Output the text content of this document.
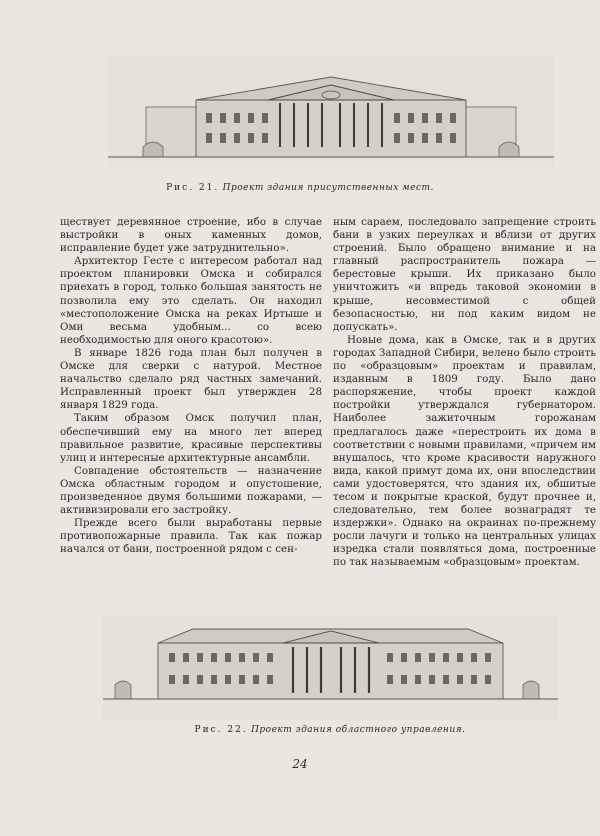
Рис. 21. Проект здания присутственных мест.

ществует деревянное строение, ибо в случае выстройки в оных каменных домов, исправление будет уже затруднительно».

Архитектор Гесте с интересом работал над проектом планировки Омска и собирался приехать в город, только большая занятость не позволила ему это сделать. Он находил «местоположение Омска на реках Иртыше и Оми весьма удобным... со всею необходимостью для оного красотою».

В январе 1826 года план был получен в Омске для сверки с натурой. Местное начальство сделало ряд частных замечаний. Исправленный проект был утвержден 28 января 1829 года.

Таким образом Омск получил план, обеспечивший ему на много лет вперед правильное развитие, красивые перспективы улиц и интересные архитектурные ансамбли.

Совпадение обстоятельств — назначение Омска областным городом и опустошение, произведенное двумя большими пожарами, — активизировали его застройку.

Прежде всего были выработаны первые противопожарные правила. Так как пожар начался от бани, построенной рядом с сен-

ным сараем, последовало запрещение строить бани в узких переулках и вблизи от других строений. Было обращено внимание и на главный распространитель пожара — берестовые крыши. Их приказано было уничтожить «и впредь таковой экономии в крыше, несовместимой с общей безопасностью, ни под каким видом не допускать».

Новые дома, как в Омске, так и в других городах Западной Сибири, велено было строить по «образцовым» проектам и правилам, изданным в 1809 году. Было дано распоряжение, чтобы проект каждой постройки утверждался губернатором. Наиболее зажиточным горожанам предлагалось даже «перестроить их дома в соответствии с новыми правилами, «причем им внушалось, что кроме красивости наружного вида, какой примут дома их, они впоследствии сами удостоверятся, что здания их, обшитые тесом и покрытые краской, будут прочнее и, следовательно, тем более вознаградят те издержки». Однако на окраинах по-прежнему росли лачуги и только на центральных улицах изредка стали появляться дома, построенные по так называемым «образцовым» проектам.

Рис. 22. Проект здания областного управления.
24
